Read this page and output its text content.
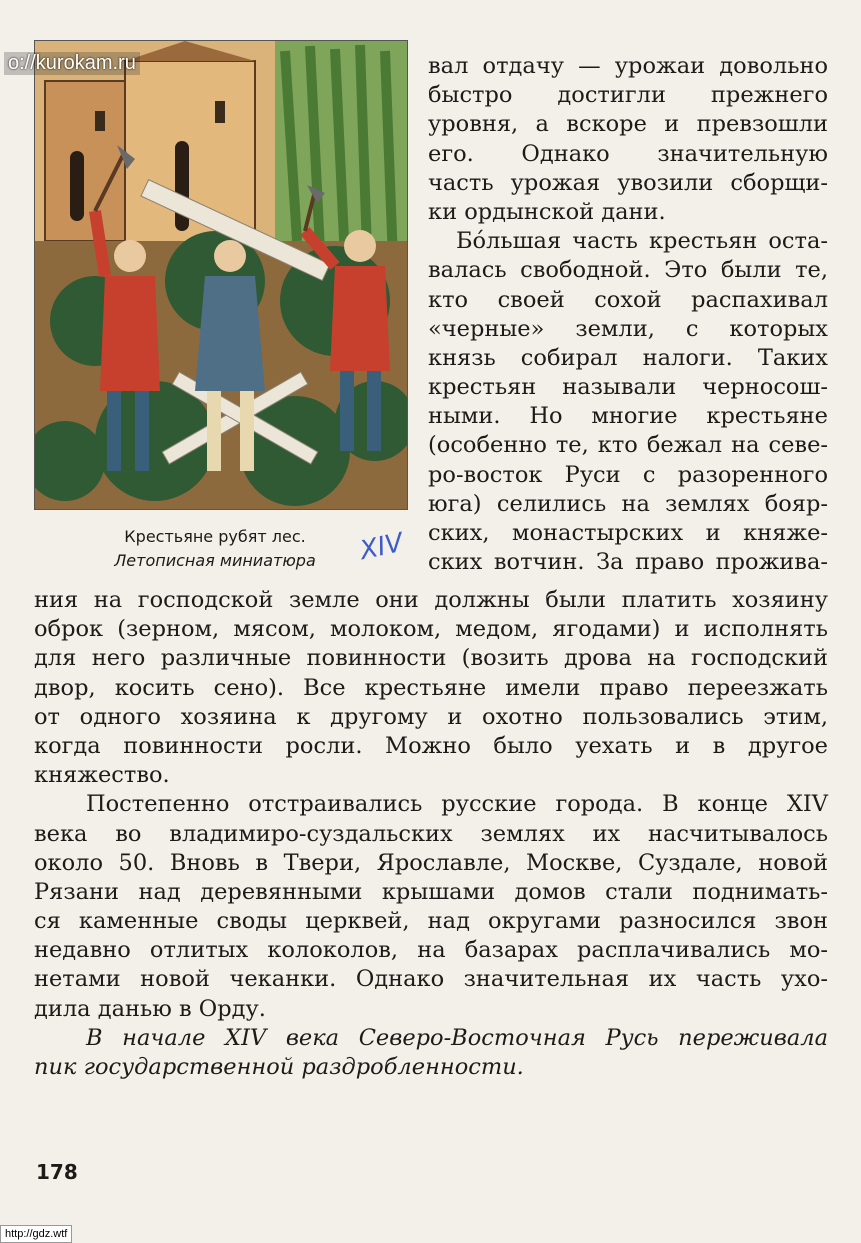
o://kurokam.ru
Крестьяне рубят лес.
Летописная миниатюра	XIV
вал отдачу — урожаи довольно
быстро достигли прежнего
уровня, а вскоре и превзошли
его. Однако значительную
часть урожая увозили сборщи-
ки ордынской дани.
Бо́льшая часть крестьян оста-
валась свободной. Это были те,
кто своей сохой распахивал
«черные» земли, с которых
князь собирал налоги. Таких
крестьян называли черносош-
ными. Но многие крестьяне
(особенно те, кто бежал на севе-
ро-восток Руси с разоренного
юга) селились на землях бояр-
ских, монастырских и княже-
ских вотчин. За право прожива-
ния на господской земле они должны были платить хозяину
оброк (зерном, мясом, молоком, медом, ягодами) и исполнять
для него различные повинности (возить дрова на господский
двор, косить сено). Все крестьяне имели право переезжать
от одного хозяина к другому и охотно пользовались этим,
когда повинности росли. Можно было уехать и в другое
княжество.
Постепенно отстраивались русские города. В конце XIV
века во владимиро-суздальских землях их насчитывалось
около 50. Вновь в Твери, Ярославле, Москве, Суздале, новой
Рязани над деревянными крышами домов стали поднимать-
ся каменные своды церквей, над округами разносился звон
недавно отлитых колоколов, на базарах расплачивались мо-
нетами новой чеканки. Однако значительная их часть ухо-
дила данью в Орду.
В начале XIV века Северо-Восточная Русь переживала
пик государственной раздробленности.
178
http://gdz.wtf
